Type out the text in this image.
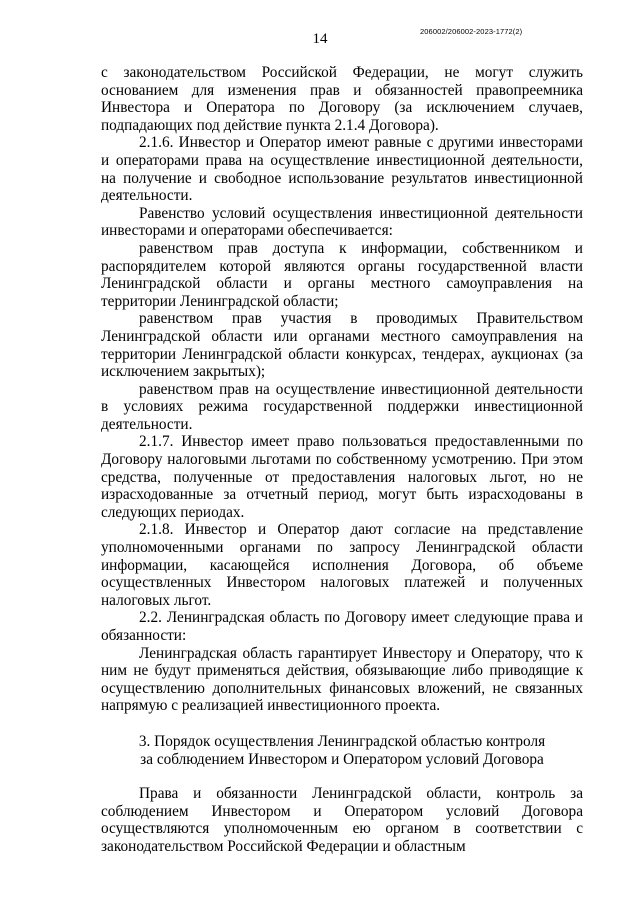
14	206002/206002-2023-1772(2)

с законодательством Российской Федерации, не могут служить основанием для изменения прав и обязанностей правопреемника Инвестора и Оператора по Договору (за исключением случаев, подпадающих под действие пункта 2.1.4 Договора).

2.1.6. Инвестор и Оператор имеют равные с другими инвесторами и операторами права на осуществление инвестиционной деятельности, на получение и свободное использование результатов инвестиционной деятельности.

Равенство условий осуществления инвестиционной деятельности инвесторами и операторами обеспечивается:

равенством прав доступа к информации, собственником и распорядителем которой являются органы государственной власти Ленинградской области и органы местного самоуправления на территории Ленинградской области;

равенством прав участия в проводимых Правительством Ленинградской области или органами местного самоуправления на территории Ленинградской области конкурсах, тендерах, аукционах (за исключением закрытых);

равенством прав на осуществление инвестиционной деятельности в условиях режима государственной поддержки инвестиционной деятельности.

2.1.7. Инвестор имеет право пользоваться предоставленными по Договору налоговыми льготами по собственному усмотрению. При этом средства, полученные от предоставления налоговых льгот, но не израсходованные за отчетный период, могут быть израсходованы в следующих периодах.

2.1.8. Инвестор и Оператор дают согласие на представление уполномоченными органами по запросу Ленинградской области информации, касающейся исполнения Договора, об объеме осуществленных Инвестором налоговых платежей и полученных налоговых льгот.

2.2. Ленинградская область по Договору имеет следующие права и обязанности:

Ленинградская область гарантирует Инвестору и Оператору, что к ним не будут применяться действия, обязывающие либо приводящие к осуществлению дополнительных финансовых вложений, не связанных напрямую с реализацией инвестиционного проекта.

3. Порядок осуществления Ленинградской областью контроля
за соблюдением Инвестором и Оператором условий Договора

Права и обязанности Ленинградской области, контроль за соблюдением Инвестором и Оператором условий Договора осуществляются уполномоченным ею органом в соответствии с законодательством Российской Федерации и областным
